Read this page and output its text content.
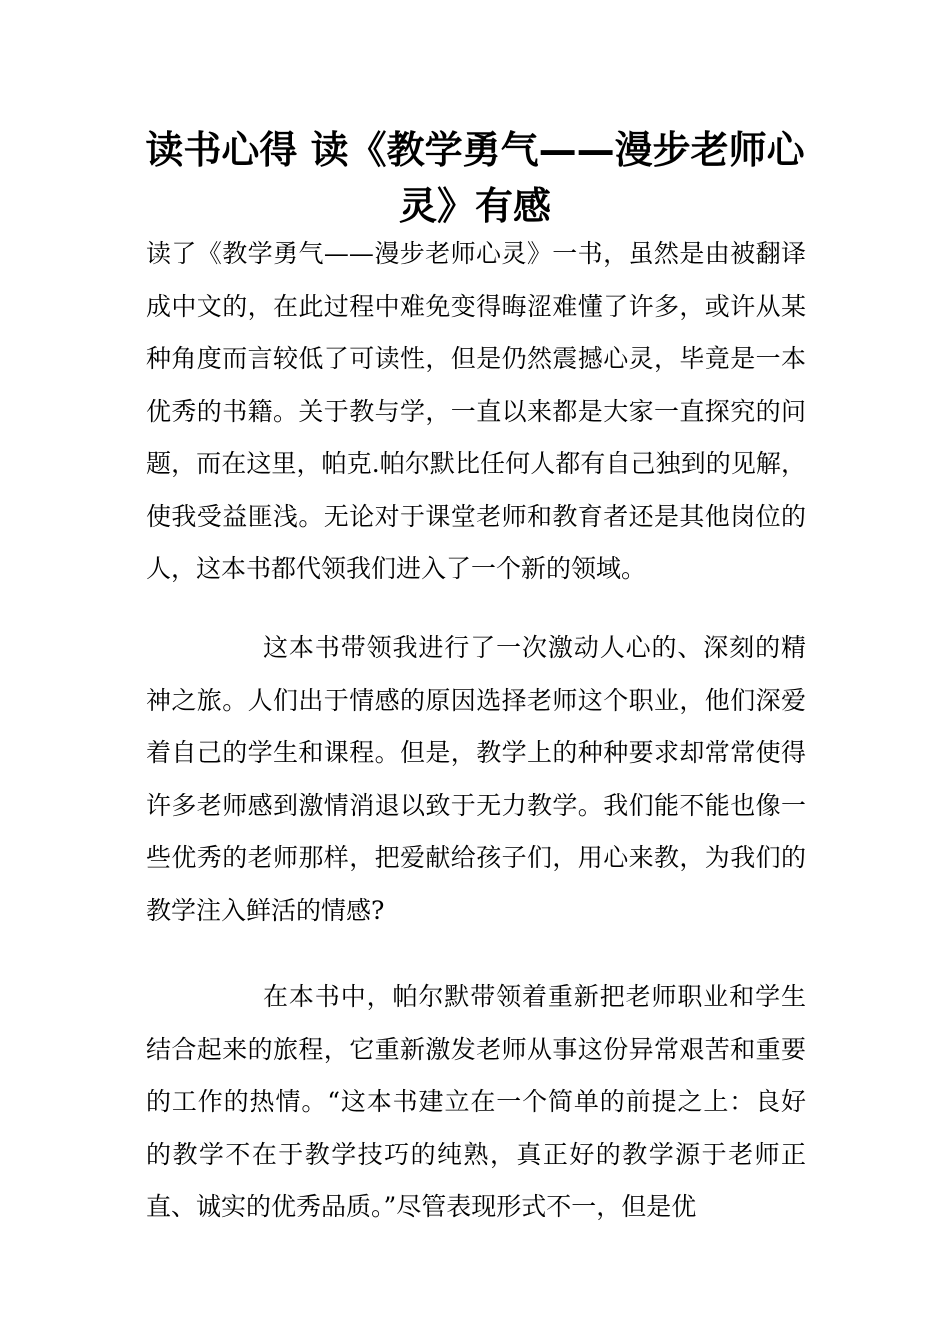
读书心得 读《教学勇气——漫步老师心灵》有感

读了《教学勇气——漫步老师心灵》一书，虽然是由被翻译成中文的，在此过程中难免变得晦涩难懂了许多，或许从某种角度而言较低了可读性，但是仍然震撼心灵，毕竟是一本优秀的书籍。关于教与学，一直以来都是大家一直探究的问题，而在这里，帕克.帕尔默比任何人都有自己独到的见解，使我受益匪浅。无论对于课堂老师和教育者还是其他岗位的人，这本书都代领我们进入了一个新的领域。

这本书带领我进行了一次激动人心的、深刻的精神之旅。人们出于情感的原因选择老师这个职业，他们深爱着自己的学生和课程。但是，教学上的种种要求却常常使得许多老师感到激情消退以致于无力教学。我们能不能也像一些优秀的老师那样，把爱献给孩子们，用心来教，为我们的教学注入鲜活的情感?

在本书中，帕尔默带领着重新把老师职业和学生结合起来的旅程，它重新激发老师从事这份异常艰苦和重要的工作的热情。“这本书建立在一个简单的前提之上：良好的教学不在于教学技巧的纯熟，真正好的教学源于老师正直、诚实的优秀品质。”尽管表现形式不一，但是优
